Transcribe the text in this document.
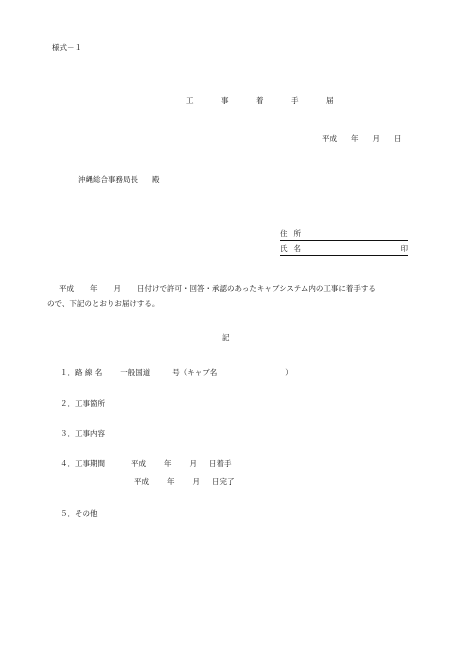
様式－１
工　事　着　手　届
平成 年 月 日
沖縄総合事務局長 殿
住所
氏名	印
平成 年 月 日付けで許可・回答・承認のあったキャブシステム内の工事に着手する
ので、下記のとおりお届けする。
記
１．路 線 名 一般国道	号（キャブ名	）
２．工事箇所
３．工事内容
４．工事期間	平成 年 月 日着手
平成 年 月 日完了
５．その他
